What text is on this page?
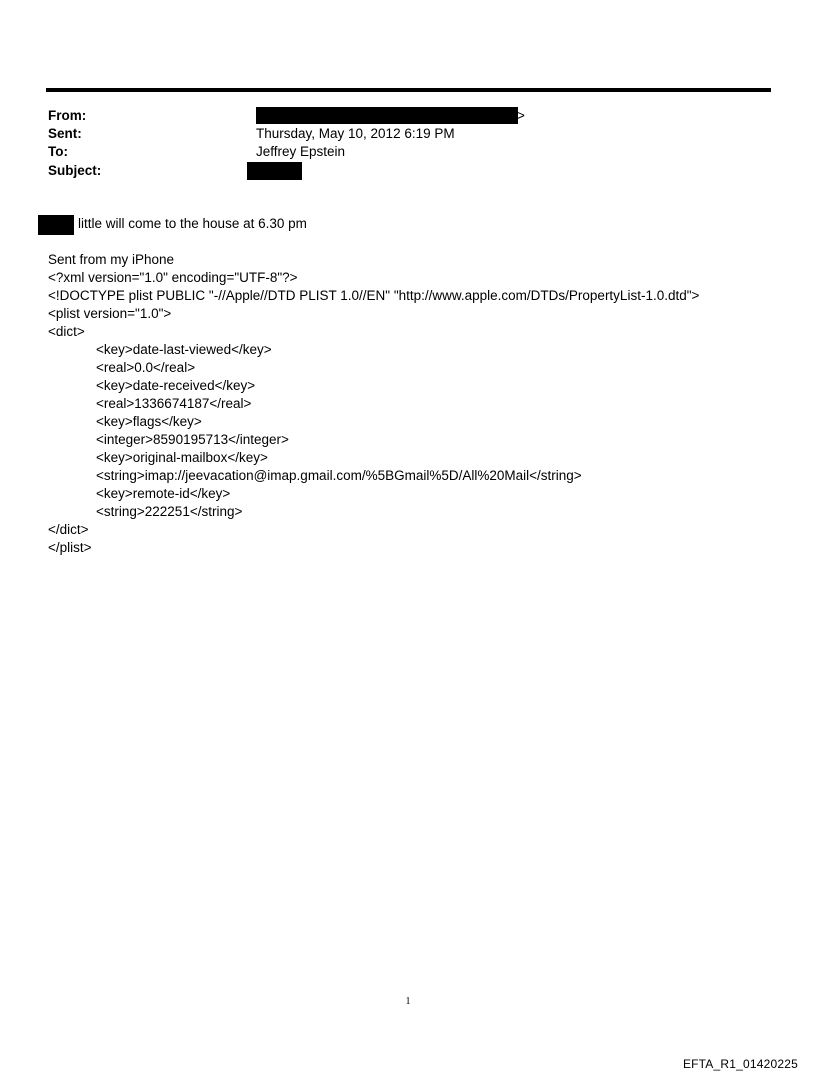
From:	>
Sent:	Thursday, May 10, 2012 6:19 PM
To:	Jeffrey Epstein
Subject:
little will come to the house at 6.30 pm
Sent from my iPhone
<?xml version="1.0" encoding="UTF-8"?>
<!DOCTYPE plist PUBLIC "-//Apple//DTD PLIST 1.0//EN" "http://www.apple.com/DTDs/PropertyList-1.0.dtd">
<plist version="1.0">
<dict>
<key>date-last-viewed</key>
<real>0.0</real>
<key>date-received</key>
<real>1336674187</real>
<key>flags</key>
<integer>8590195713</integer>
<key>original-mailbox</key>
<string>imap://jeevacation@imap.gmail.com/%5BGmail%5D/All%20Mail</string>
<key>remote-id</key>
<string>222251</string>
</dict>
</plist>
1
EFTA_R1_01420225
